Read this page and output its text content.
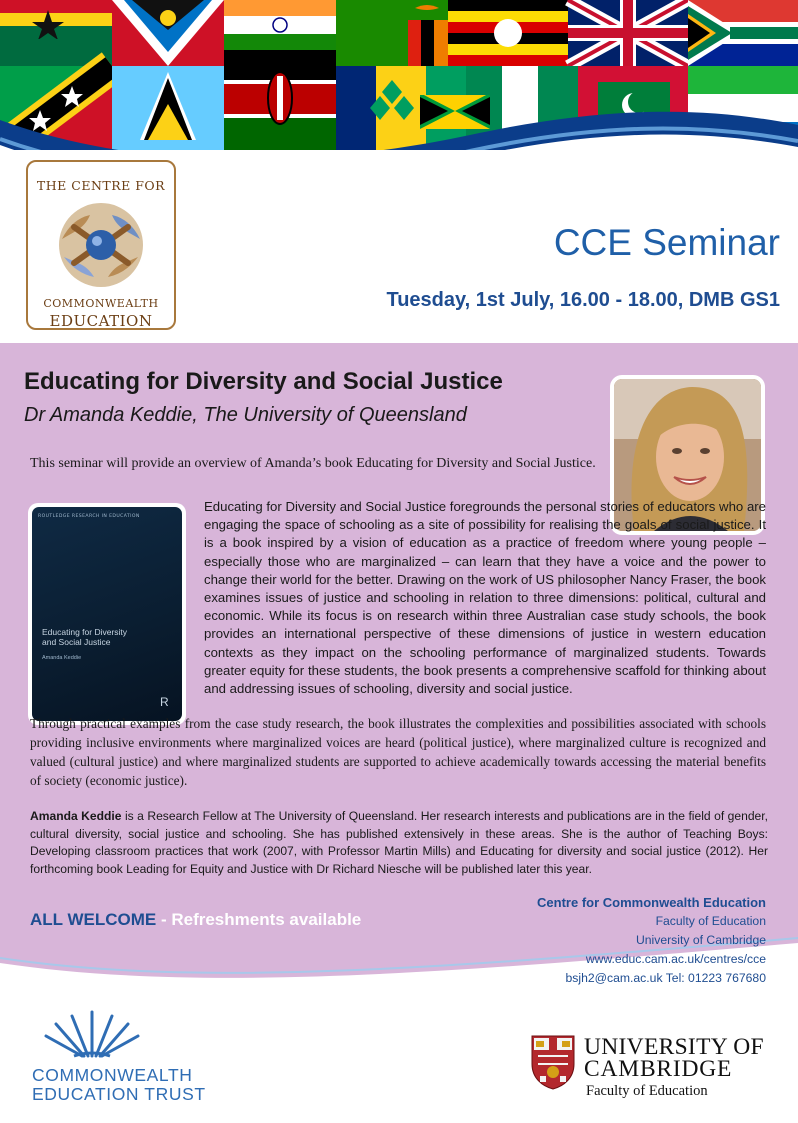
THE CENTRE FOR
COMMONWEALTH
EDUCATION
CCE Seminar
Tuesday, 1st July, 16.00 - 18.00, DMB GS1
Educating for Diversity and Social Justice
Dr Amanda Keddie, The University of Queensland
This seminar will provide an overview of Amanda’s book Educating for Diversity and Social Justice.
ROUTLEDGE RESEARCH IN EDUCATION
Educating for Diversity
and Social Justice
Amanda Keddie
R
Educating for Diversity and Social Justice foregrounds the personal stories of educators who are engaging the space of schooling as a site of possibility for realising the goals of social justice. It is a book inspired by a vision of education as a practice of freedom where young people – especially those who are marginalized – can learn that they have a voice and the power to change their world for the better. Drawing on the work of US philosopher Nancy Fraser, the book examines issues of justice and schooling in relation to three dimensions: political, cultural and economic. While its focus is on research within three Australian case study schools, the book provides an international perspective of these dimensions of justice in western education contexts as they impact on the schooling performance of marginalized students. Towards greater equity for these students, the book presents a comprehensive scaffold for thinking about and addressing issues of schooling, diversity and social justice.
Through practical examples from the case study research, the book illustrates the complexities and possibilities associated with schools providing inclusive environments where marginalized voices are heard (political justice), where marginalized culture is recognized and valued (cultural justice) and where marginalized students are supported to achieve academically towards accessing the material benefits of society (economic justice).
Amanda Keddie is a Research Fellow at The University of Queensland. Her research interests and publications are in the field of gender, cultural diversity, social justice and schooling. She has published extensively in these areas. She is the author of Teaching Boys: Developing classroom practices that work (2007, with Professor Martin Mills) and Educating for diversity and social justice (2012). Her forthcoming book Leading for Equity and Justice with Dr Richard Niesche will be published later this year.
ALL WELCOME - Refreshments available
Centre for Commonwealth Education
Faculty of Education
University of Cambridge
www.educ.cam.ac.uk/centres/cce
bsjh2@cam.ac.uk Tel: 01223 767680
COMMONWEALTH
EDUCATION TRUST
UNIVERSITY OF
CAMBRIDGE
Faculty of Education
